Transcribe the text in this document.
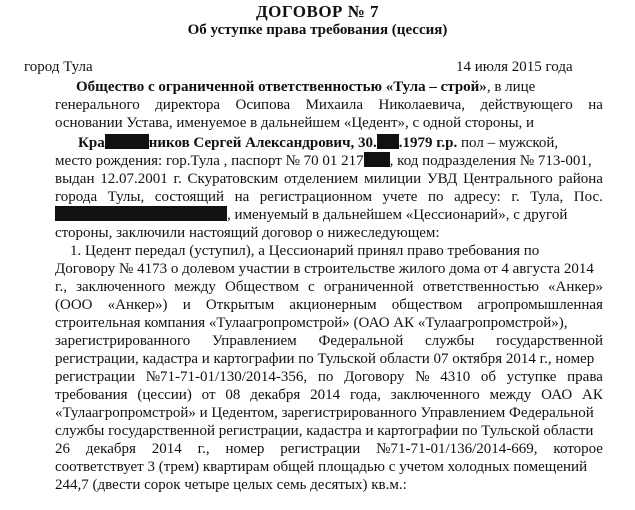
ДОГОВОР № 7
Об уступке права требования (цессия)
город Тула	14 июля 2015 года
Общество с ограниченной ответственностью «Тула – строй», в лице
генерального директора Осипова Михаила Николаевича, действующего на
основании Устава, именуемое в дальнейшем «Цедент», с одной стороны, и
Кра	ников Сергей Александрович, 30. .1979 г.р. пол – мужской,
место рождения: гор.Тула , паспорт № 70 01 217 , код подразделения № 713-001,
выдан 12.07.2001 г. Скуратовским отделением милиции УВД Центрального района
города Тулы, состоящий на регистрационном учете по адресу: г. Тула, Пос.
, именуемый в дальнейшем «Цессионарий», с другой
стороны, заключили настоящий договор о нижеследующем:
1. Цедент передал (уступил), а Цессионарий принял право требования по
Договору № 4173 о долевом участии в строительстве жилого дома от 4 августа 2014
г., заключенного между Обществом с ограниченной ответственностью «Анкер»
(ООО «Анкер») и Открытым акционерным обществом агропромышленная
строительная компания «Тулаагропромстрой» (ОАО АК «Тулаагропромстрой»),
зарегистрированного Управлением Федеральной службы государственной
регистрации, кадастра и картографии по Тульской области 07 октября 2014 г., номер
регистрации №71-71-01/130/2014-356, по Договору № 4310 об уступке права
требования (цессии) от 08 декабря 2014 года, заключенного между ОАО АК
«Тулаагропромстрой» и Цедентом, зарегистрированного Управлением Федеральной
службы государственной регистрации, кадастра и картографии по Тульской области
26 декабря 2014 г., номер регистрации №71-71-01/136/2014-669, которое
соответствует 3 (трем) квартирам общей площадью с учетом холодных помещений
244,7 (двести сорок четыре целых семь десятых) кв.м.:
